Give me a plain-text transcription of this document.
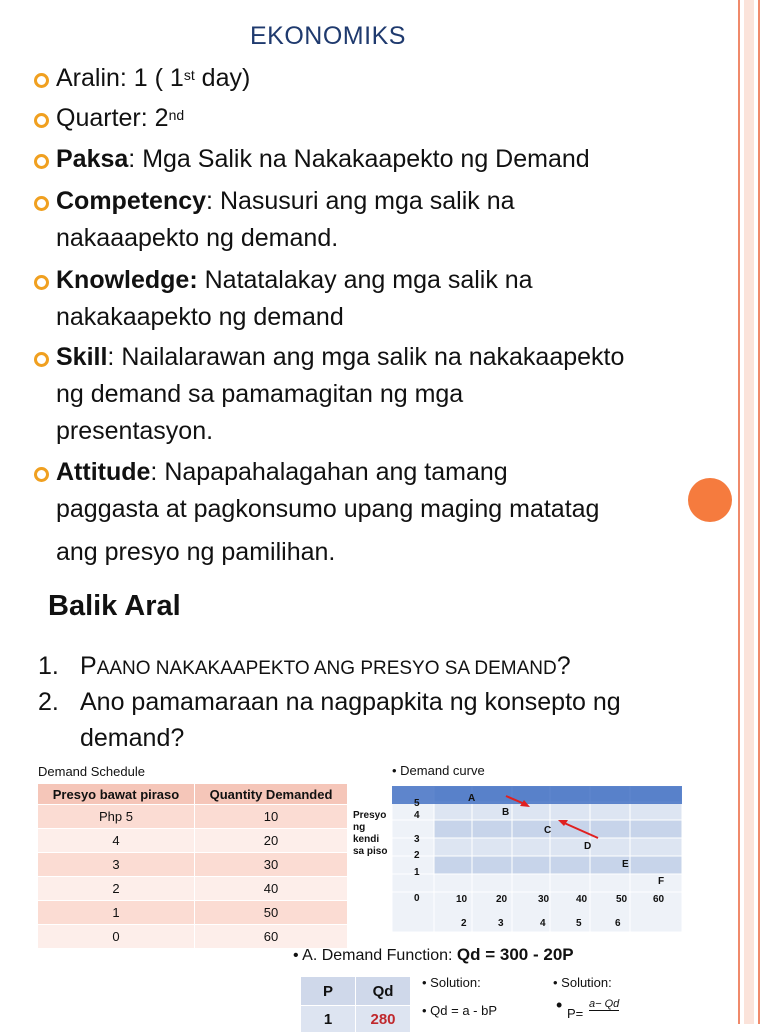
EKONOMIKS
Aralin: 1 ( 1st day)
Quarter: 2nd
Paksa: Mga Salik na Nakakaapekto ng Demand
Competency: Nasusuri ang mga salik na
nakaaapekto ng demand.
Knowledge: Natatalakay ang mga salik na
nakakaapekto ng demand
Skill: Nailalarawan ang mga salik na nakakaapekto
ng demand sa pamamagitan ng mga
presentasyon.
Attitude: Napapahalagahan ang tamang
paggasta at pagkonsumo upang maging matatag
ang presyo ng pamilihan.
Balik Aral
1. PAANO NAKAKAAPEKTO ANG PRESYO SA DEMAND?
2. Ano pamamaraan na nagpapkita ng konsepto ng
demand?
Demand Schedule
Presyo bawat piraso	Quantity Demanded
Php 5	10
4	20
3	30
2	40
1	50
0	60
• Demand curve
Presyo
ng
kendi
sa piso
5
4
3
2
1
0	10	20	30	40	50	60
2	3	4	5	6
A
B
C
D
E
F
• A. Demand Function: Qd = 300 - 20P
P	Qd
1	280
• Solution:
• Qd = a - bP
• Solution:
• P=
a− Qd
